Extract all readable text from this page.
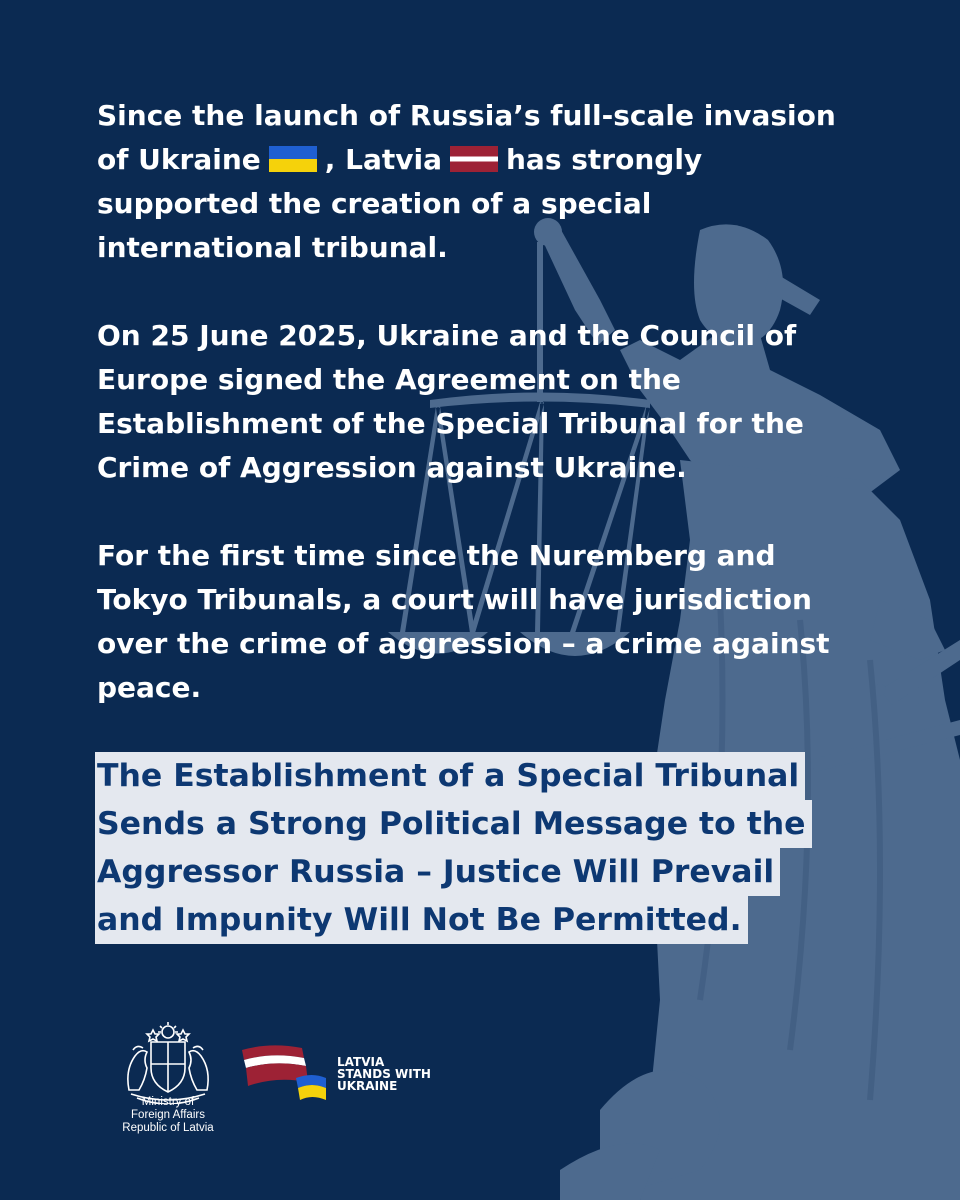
Since the launch of Russia’s full-scale invasion
of Ukraine , Latvia has strongly
supported the creation of a special
international tribunal.
On 25 June 2025, Ukraine and the Council of
Europe signed the Agreement on the
Establishment of the Special Tribunal for the
Crime of Aggression against Ukraine.
For the first time since the Nuremberg and
Tokyo Tribunals, a court will have jurisdiction
over the crime of aggression – a crime against
peace.
The Establishment of a Special Tribunal
Sends a Strong Political Message to the
Aggressor Russia – Justice Will Prevail
and Impunity Will Not Be Permitted.
Ministry of
Foreign Affairs
Republic of Latvia
LATVIA
STANDS WITH
UKRAINE
